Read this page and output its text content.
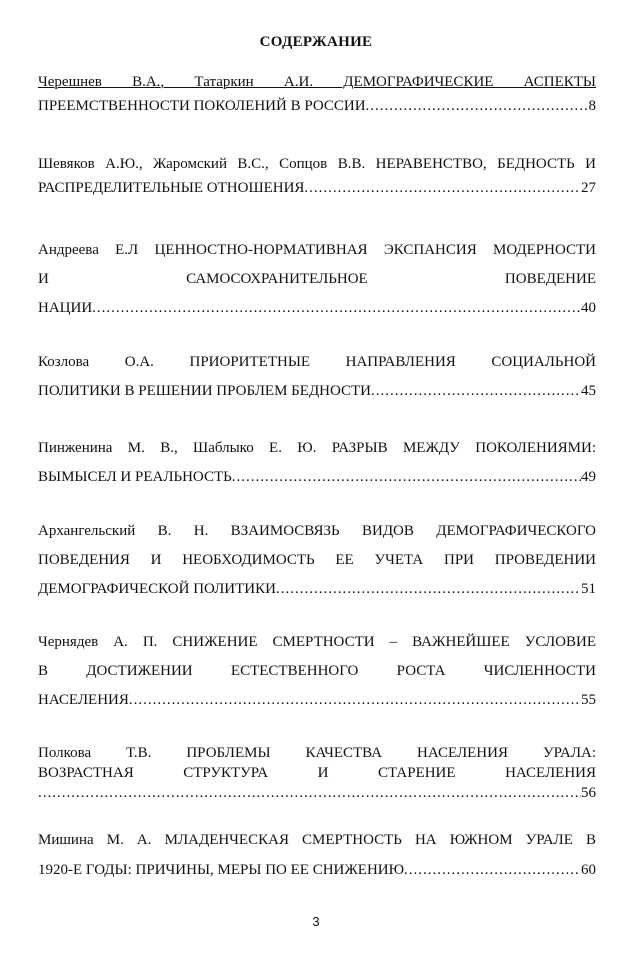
СОДЕРЖАНИЕ
Черешнев В.А., Татаркин А.И. ДЕМОГРАФИЧЕСКИЕ АСПЕКТЫ
ПРЕЕМСТВЕННОСТИ ПОКОЛЕНИЙ В РОССИИ .....	8
Шевяков А.Ю., Жаромский В.С., Сопцов В.В. НЕРАВЕНСТВО, БЕДНОСТЬ И
РАСПРЕДЕЛИТЕЛЬНЫЕ ОТНОШЕНИЯ .....	27
Андреева Е.Л ЦЕННОСТНО-НОРМАТИВНАЯ ЭКСПАНСИЯ МОДЕРНОСТИ
И САМОСОХРАНИТЕЛЬНОЕ ПОВЕДЕНИЕ
НАЦИИ .....	40
Козлова О.А. ПРИОРИТЕТНЫЕ НАПРАВЛЕНИЯ СОЦИАЛЬНОЙ
ПОЛИТИКИ В РЕШЕНИИ ПРОБЛЕМ БЕДНОСТИ .....	45
Пинженина М. В., Шаблыко Е. Ю. РАЗРЫВ МЕЖДУ ПОКОЛЕНИЯМИ:
ВЫМЫСЕЛ И РЕАЛЬНОСТЬ .....	49
Архангельский В. Н. ВЗАИМОСВЯЗЬ ВИДОВ ДЕМОГРАФИЧЕСКОГО
ПОВЕДЕНИЯ И НЕОБХОДИМОСТЬ ЕЕ УЧЕТА ПРИ ПРОВЕДЕНИИ
ДЕМОГРАФИЧЕСКОЙ ПОЛИТИКИ .....	51
Чернядев А. П. СНИЖЕНИЕ СМЕРТНОСТИ – ВАЖНЕЙШЕЕ УСЛОВИЕ
В ДОСТИЖЕНИИ ЕСТЕСТВЕННОГО РОСТА ЧИСЛЕННОСТИ
НАСЕЛЕНИЯ .....	55
Полкова Т.В. ПРОБЛЕМЫ КАЧЕСТВА НАСЕЛЕНИЯ УРАЛА:
ВОЗРАСТНАЯ СТРУКТУРА И СТАРЕНИЕ НАСЕЛЕНИЯ
.....
56
Мишина М. А. МЛАДЕНЧЕСКАЯ СМЕРТНОСТЬ НА ЮЖНОМ УРАЛЕ В
1920-Е ГОДЫ: ПРИЧИНЫ, МЕРЫ ПО ЕЕ СНИЖЕНИЮ .....	60
3
